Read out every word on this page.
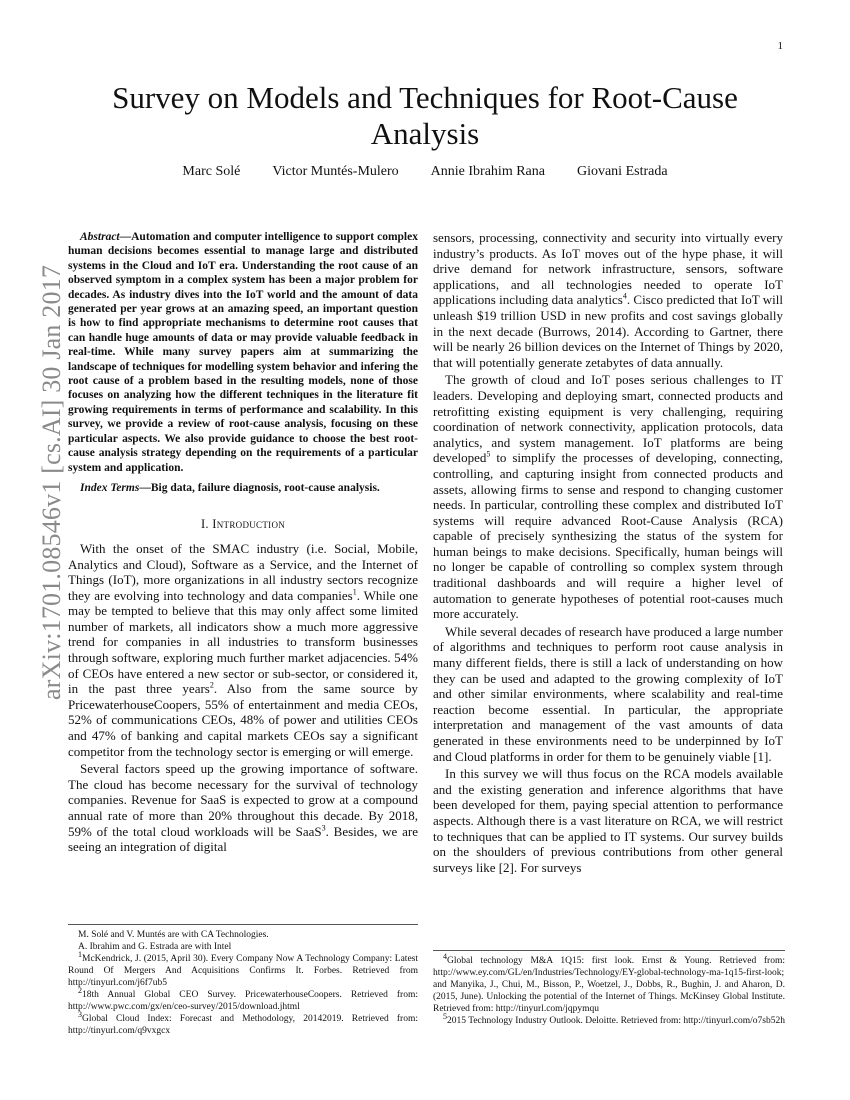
1
arXiv:1701.08546v1 [cs.AI] 30 Jan 2017
Survey on Models and Techniques for Root-Cause Analysis
Marc Solé Victor Muntés-Mulero Annie Ibrahim Rana Giovani Estrada

Abstract—Automation and computer intelligence to support complex human decisions becomes essential to manage large and distributed systems in the Cloud and IoT era. Understanding the root cause of an observed symptom in a complex system has been a major problem for decades. As industry dives into the IoT world and the amount of data generated per year grows at an amazing speed, an important question is how to find appropriate mechanisms to determine root causes that can handle huge amounts of data or may provide valuable feedback in real-time. While many survey papers aim at summarizing the landscape of techniques for modelling system behavior and infering the root cause of a problem based in the resulting models, none of those focuses on analyzing how the different techniques in the literature fit growing requirements in terms of performance and scalability. In this survey, we provide a review of root-cause analysis, focusing on these particular aspects. We also provide guidance to choose the best root-cause analysis strategy depending on the requirements of a particular system and application.

Index Terms—Big data, failure diagnosis, root-cause analysis.

I. Introduction

With the onset of the SMAC industry (i.e. Social, Mobile, Analytics and Cloud), Software as a Service, and the Internet of Things (IoT), more organizations in all industry sectors recognize they are evolving into technology and data companies$^1$. While one may be tempted to believe that this may only affect some limited number of markets, all indicators show a much more aggressive trend for companies in all industries to transform businesses through software, exploring much further market adjacencies. 54% of CEOs have entered a new sector or sub-sector, or considered it, in the past three years$^2$. Also from the same source by PricewaterhouseCoopers, 55% of entertainment and media CEOs, 52% of communications CEOs, 48% of power and utilities CEOs and 47% of banking and capital markets CEOs say a significant competitor from the technology sector is emerging or will emerge.

Several factors speed up the growing importance of software. The cloud has become necessary for the survival of technology companies. Revenue for SaaS is expected to grow at a compound annual rate of more than 20% throughout this decade. By 2018, 59% of the total cloud workloads will be SaaS$^3$. Besides, we are seeing an integration of digital

sensors, processing, connectivity and security into virtually every industry’s products. As IoT moves out of the hype phase, it will drive demand for network infrastructure, sensors, software applications, and all technologies needed to operate IoT applications including data analytics$^4$. Cisco predicted that IoT will unleash $19 trillion USD in new profits and cost savings globally in the next decade (Burrows, 2014). According to Gartner, there will be nearly 26 billion devices on the Internet of Things by 2020, that will potentially generate zetabytes of data annually.

The growth of cloud and IoT poses serious challenges to IT leaders. Developing and deploying smart, connected products and retrofitting existing equipment is very challenging, requiring coordination of network connectivity, application protocols, data analytics, and system management. IoT platforms are being developed$^5$ to simplify the processes of developing, connecting, controlling, and capturing insight from connected products and assets, allowing firms to sense and respond to changing customer needs. In particular, controlling these complex and distributed IoT systems will require advanced Root-Cause Analysis (RCA) capable of precisely synthesizing the status of the system for human beings to make decisions. Specifically, human beings will no longer be capable of controlling so complex system through traditional dashboards and will require a higher level of automation to generate hypotheses of potential root-causes much more accurately.

While several decades of research have produced a large number of algorithms and techniques to perform root cause analysis in many different fields, there is still a lack of understanding on how they can be used and adapted to the growing complexity of IoT and other similar environments, where scalability and real-time reaction become essential. In particular, the appropriate interpretation and management of the vast amounts of data generated in these environments need to be underpinned by IoT and Cloud platforms in order for them to be genuinely viable [1].

In this survey we will thus focus on the RCA models available and the existing generation and inference algorithms that have been developed for them, paying special attention to performance aspects. Although there is a vast literature on RCA, we will restrict to techniques that can be applied to IT systems. Our survey builds on the shoulders of previous contributions from other general surveys like [2]. For surveys

M. Solé and V. Muntés are with CA Technologies.
A. Ibrahim and G. Estrada are with Intel
$^1$McKendrick, J. (2015, April 30). Every Company Now A Technology Company: Latest Round Of Mergers And Acquisitions Confirms It. Forbes. Retrieved from http://tinyurl.com/j6f7ub5
$^2$18th Annual Global CEO Survey. PricewaterhouseCoopers. Retrieved from: http://www.pwc.com/gx/en/ceo-survey/2015/download.jhtml
$^3$Global Cloud Index: Forecast and Methodology, 20142019. Retrieved from: http://tinyurl.com/q9vxgcx
$^4$Global technology M&A 1Q15: first look. Ernst & Young. Retrieved from: http://www.ey.com/GL/en/Industries/Technology/EY-global-technology-ma-1q15-first-look; and Manyika, J., Chui, M., Bisson, P., Woetzel, J., Dobbs, R., Bughin, J. and Aharon, D. (2015, June). Unlocking the potential of the Internet of Things. McKinsey Global Institute. Retrieved from: http://tinyurl.com/jqpymqu
$^5$2015 Technology Industry Outlook. Deloitte. Retrieved from: http://tinyurl.com/o7sb52h
